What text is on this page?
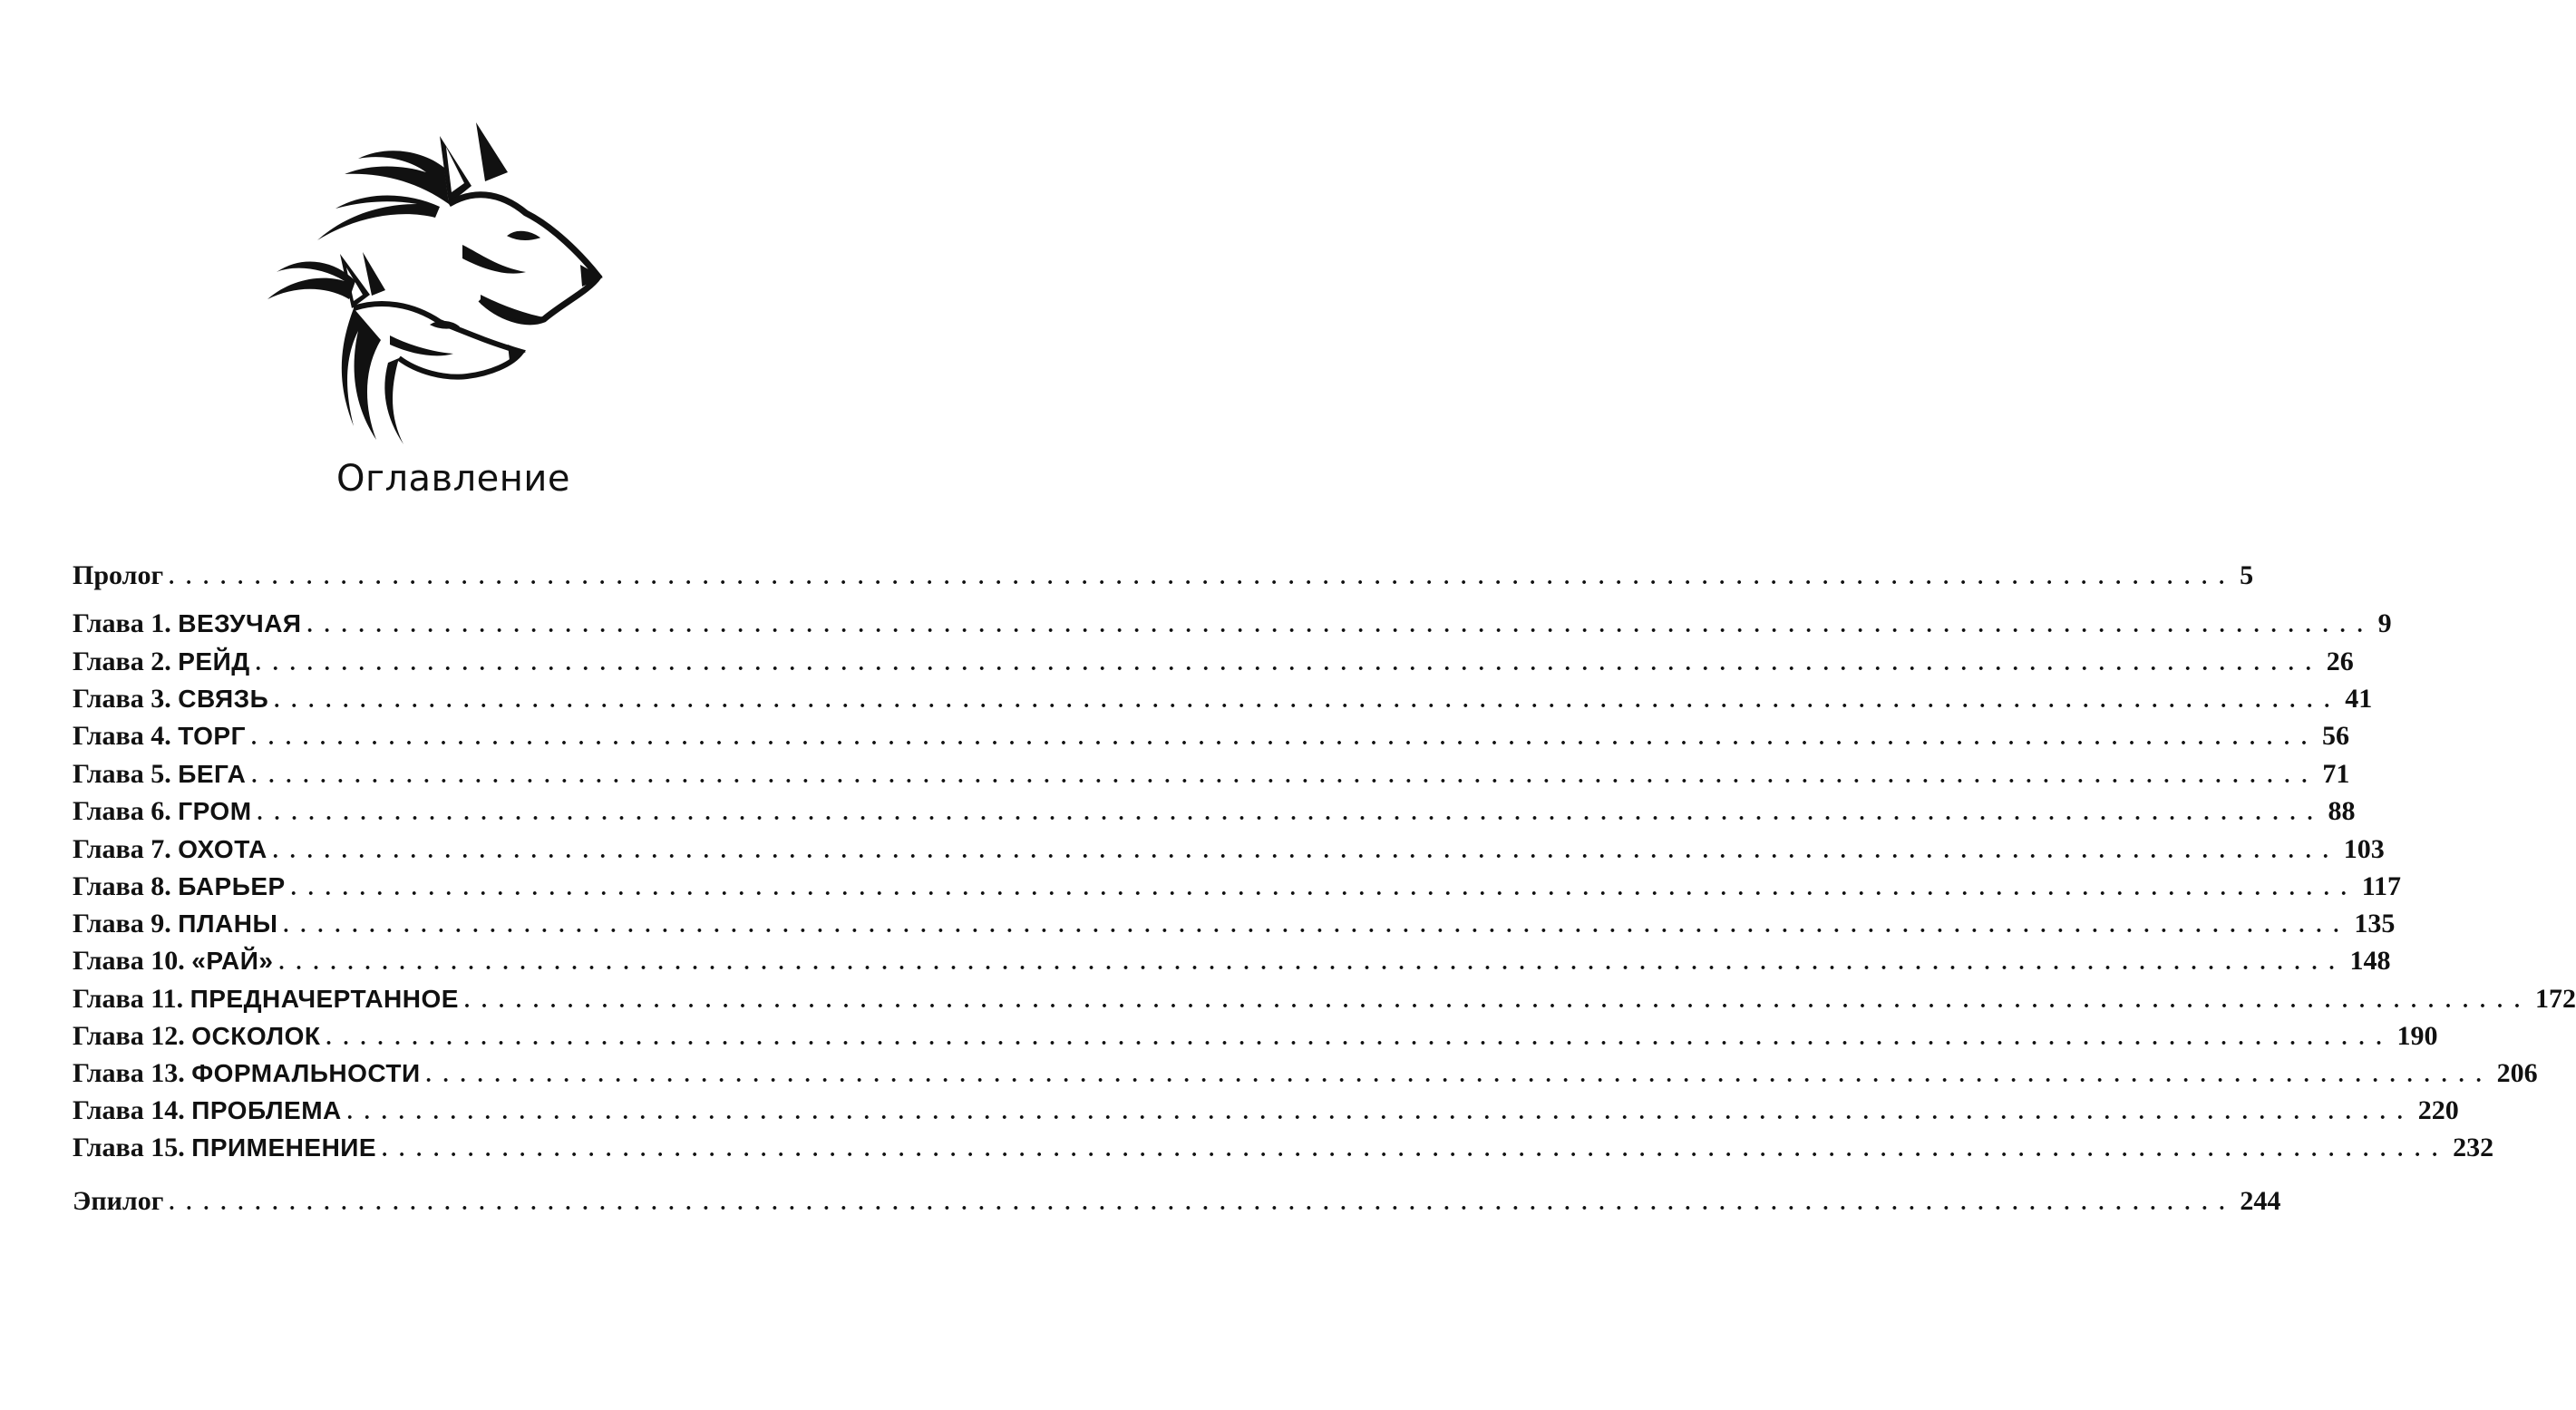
Оглавление
Пролог ........................................................................................................................ 5
Глава 1. ВЕЗУЧАЯ ........................................................................................................................ 9
Глава 2. РЕЙД ........................................................................................................................ 26
Глава 3. СВЯЗЬ ........................................................................................................................ 41
Глава 4. ТОРГ ........................................................................................................................ 56
Глава 5. БЕГА ........................................................................................................................ 71
Глава 6. ГРОМ ........................................................................................................................ 88
Глава 7. ОХОТА ........................................................................................................................ 103
Глава 8. БАРЬЕР ........................................................................................................................ 117
Глава 9. ПЛАНЫ ........................................................................................................................ 135
Глава 10. «РАЙ» ........................................................................................................................ 148
Глава 11. ПРЕДНАЧЕРТАННОЕ ........................................................................................................................ 172
Глава 12. ОСКОЛОК ........................................................................................................................ 190
Глава 13. ФОРМАЛЬНОСТИ ........................................................................................................................ 206
Глава 14. ПРОБЛЕМА ........................................................................................................................ 220
Глава 15. ПРИМЕНЕНИЕ ........................................................................................................................ 232
Эпилог ........................................................................................................................ 244
